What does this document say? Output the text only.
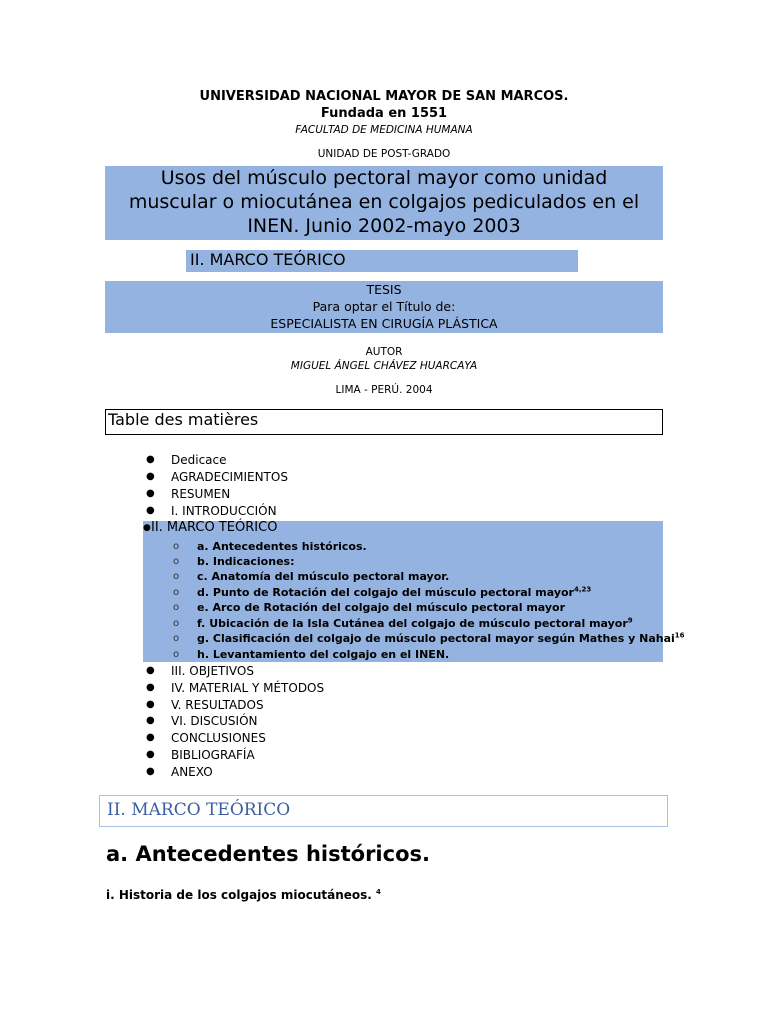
UNIVERSIDAD NACIONAL MAYOR DE SAN MARCOS.
Fundada en 1551
FACULTAD DE MEDICINA HUMANA
UNIDAD DE POST-GRADO
Usos del músculo pectoral mayor como unidad
muscular o miocutánea en colgajos pediculados en el
INEN. Junio 2002-mayo 2003
II. MARCO TEÓRICO
TESIS
Para optar el Título de:
ESPECIALISTA EN CIRUGÍA PLÁSTICA
AUTOR
MIGUEL ÁNGEL CHÁVEZ HUARCAYA
LIMA - PERÚ. 2004
Table des matières
● Dedicace
● AGRADECIMIENTOS
● RESUMEN
● I. INTRODUCCIÓN
● II. MARCO TEÓRICO
o a. Antecedentes históricos.
o b. Indicaciones:
o c. Anatomía del músculo pectoral mayor.
o d. Punto de Rotación del colgajo del músculo pectoral mayor$^{4,23}$
o e. Arco de Rotación del colgajo del músculo pectoral mayor
o f. Ubicación de la Isla Cutánea del colgajo de músculo pectoral mayor$^9$
o g. Clasificación del colgajo de músculo pectoral mayor según Mathes y Nahai$^{16}$
o h. Levantamiento del colgajo en el INEN.
● III. OBJETIVOS
● IV. MATERIAL Y MÉTODOS
● V. RESULTADOS
● VI. DISCUSIÓN
● CONCLUSIONES
● BIBLIOGRAFÍA
● ANEXO
II. MARCO TEÓRICO
a. Antecedentes históricos.
i. Historia de los colgajos miocutáneos. $^4$
